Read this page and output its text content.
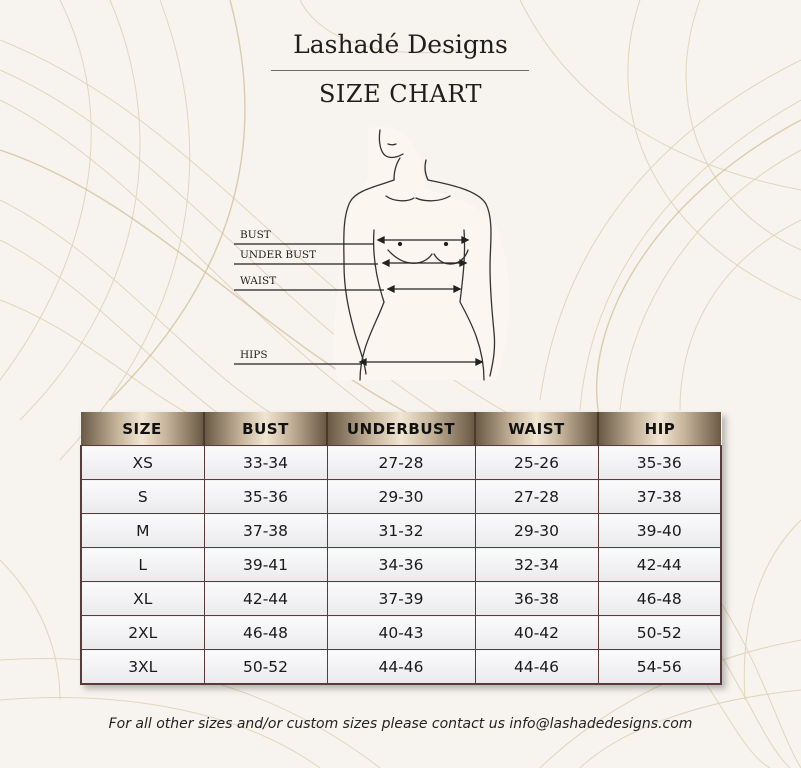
Lashadé Designs
SIZE CHART
BUST
UNDER BUST
WAIST
HIPS
SIZE	BUST	UNDERBUST	WAIST	HIP
XS	33-34	27-28	25-26	35-36
S	35-36	29-30	27-28	37-38
M	37-38	31-32	29-30	39-40
L	39-41	34-36	32-34	42-44
XL	42-44	37-39	36-38	46-48
2XL	46-48	40-43	40-42	50-52
3XL	50-52	44-46	44-46	54-56
For all other sizes and/or custom sizes please contact us info@lashadedesigns.com
